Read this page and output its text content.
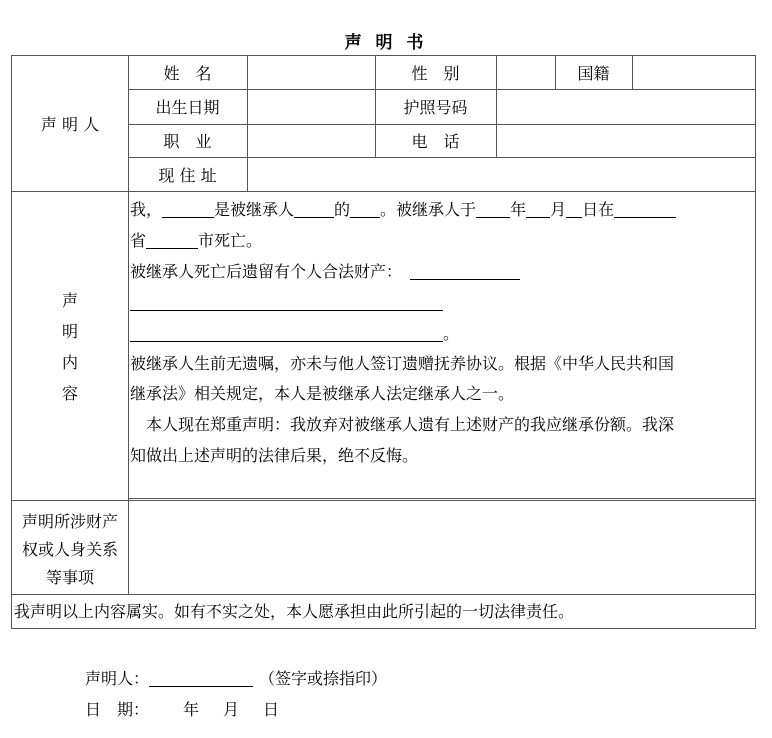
声 明 书
声 明 人
姓　名	性　别	国籍
出生日期	护照号码
职　业	电　话
现 住 址
声
明
内
容
我，	是被继承人	的 。被继承人于 年 月 日在
省	市死亡。
被继承人死亡后遗留有个人合法财产：
。
被继承人生前无遗嘱，亦未与他人签订遗赠抚养协议。根据《中华人民共和国
继承法》相关规定，本人是被继承人法定继承人之一。
　本人现在郑重声明：我放弃对被继承人遗有上述财产的我应继承份额。我深
知做出上述声明的法律后果，绝不反悔。
声明所涉财产
权或人身关系
等事项
我声明以上内容属实。如有不实之处，本人愿承担由此所引起的一切法律责任。
声明人：	（签字或捺指印）
日　期： 年 月 日
